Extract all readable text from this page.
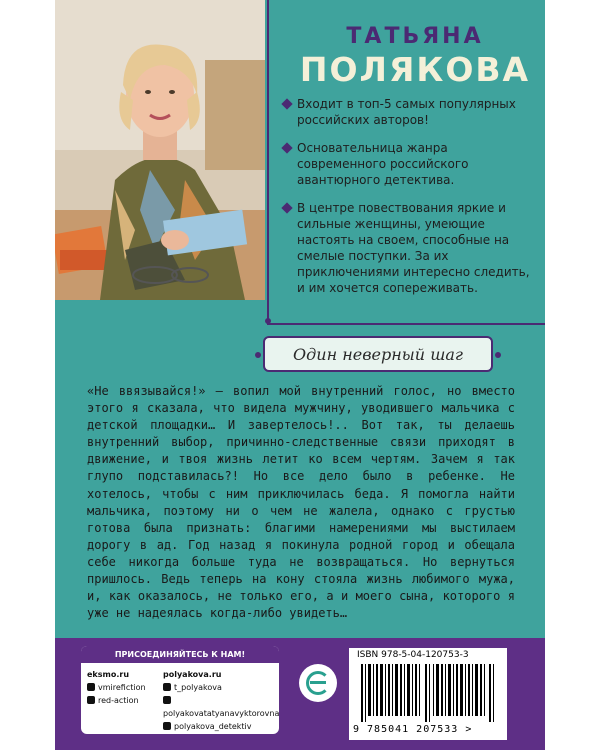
ТАТЬЯНА
ПОЛЯКОВА
Входит в топ-5 самых популярных российских авторов!
Основательница жанра современного российского авантюрного детектива.
В центре повествования яркие и сильные женщины, умеющие настоять на своем, способные на смелые поступки. За их приключениями интересно следить, и им хочется сопереживать.
Один неверный шаг

«Не ввязывайся!» – вопил мой внутренний голос, но вместо этого я сказала, что видела мужчину, уводившего мальчика с детской площадки… И завертелось!.. Вот так, ты делаешь внутренний выбор, причинно-следственные связи приходят в движение, и твоя жизнь летит ко всем чертям. Зачем я так глупо подставилась?! Но все дело было в ребенке. Не хотелось, чтобы с ним приключилась беда. Я помогла найти мальчика, поэтому ни о чем не жалела, однако с грустью готова была признать: благими намерениями мы выстилаем дорогу в ад. Год назад я покинула родной город и обещала себе никогда больше туда не возвращаться. Но вернуться пришлось. Ведь теперь на кону стояла жизнь любимого мужа, и, как оказалось, не только его, а и моего сына, которого я уже не надеялась когда-либо увидеть…

ПРИСОЕДИНЯЙТЕСЬ К НАМ!
eksmo.ru
vmirefiction
red-action
polyakova.ru
t_polyakova
polyakovatatyanavyktorovna
polyakova_detektiv
ISBN 978-5-04-120753-3
9 785041 207533 >
